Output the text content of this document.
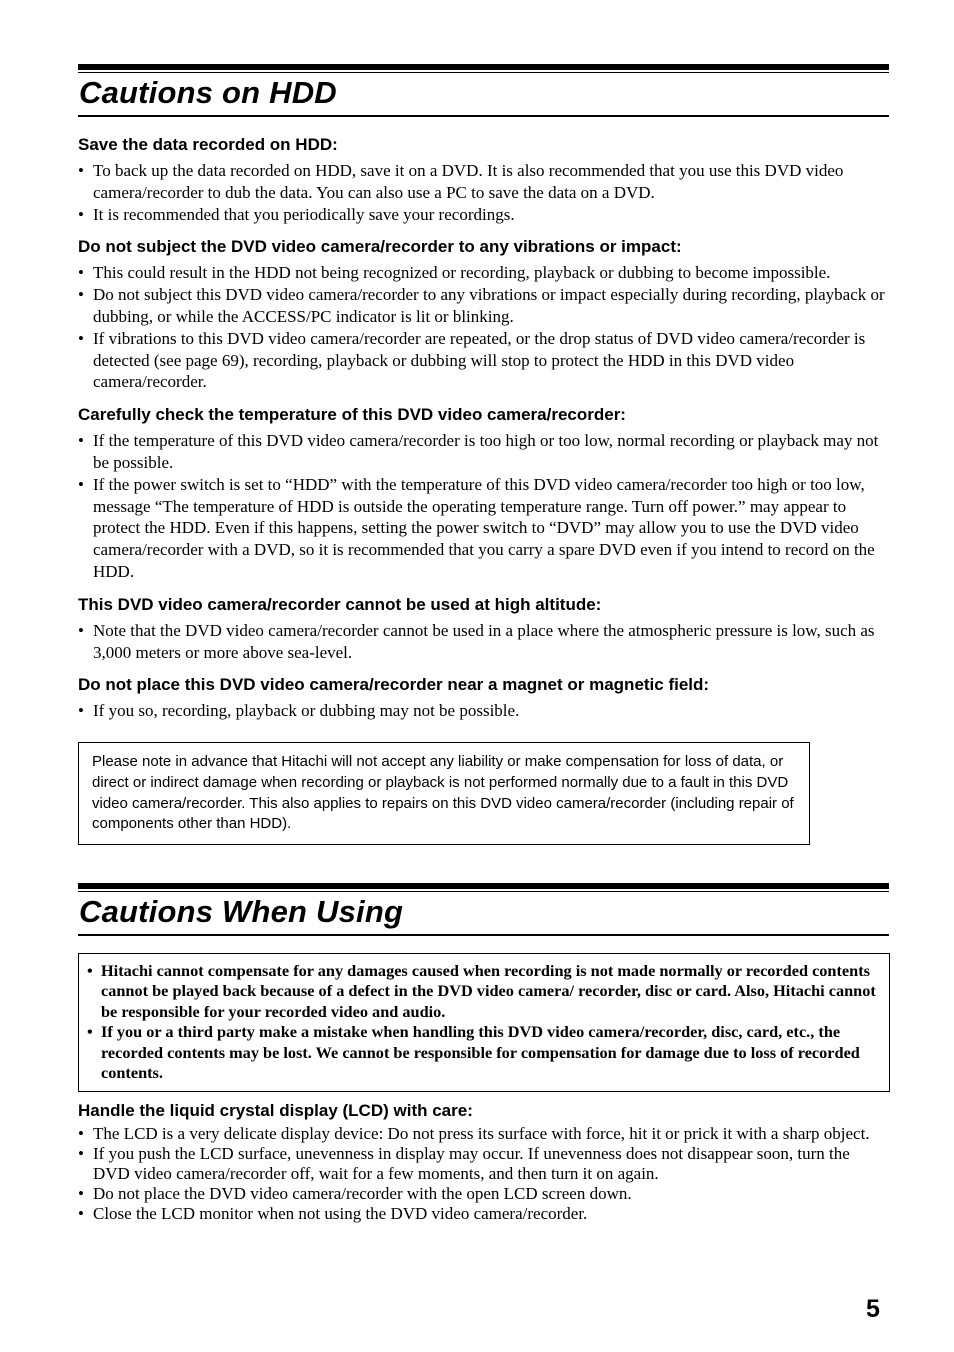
Cautions on HDD
Save the data recorded on HDD:
• To back up the data recorded on HDD, save it on a DVD. It is also recommended that you use this DVD video camera/recorder to dub the data. You can also use a PC to save the data on a DVD.
• It is recommended that you periodically save your recordings.
Do not subject the DVD video camera/recorder to any vibrations or impact:
• This could result in the HDD not being recognized or recording, playback or dubbing to become impossible.
• Do not subject this DVD video camera/recorder to any vibrations or impact especially during recording, playback or dubbing, or while the ACCESS/PC indicator is lit or blinking.
• If vibrations to this DVD video camera/recorder are repeated, or the drop status of DVD video camera/recorder is detected (see page 69), recording, playback or dubbing will stop to protect the HDD in this DVD video camera/recorder.
Carefully check the temperature of this DVD video camera/recorder:
• If the temperature of this DVD video camera/recorder is too high or too low, normal recording or playback may not be possible.
• If the power switch is set to “HDD” with the temperature of this DVD video camera/recorder too high or too low, message “The temperature of HDD is outside the operating temperature range. Turn off power.” may appear to protect the HDD. Even if this happens, setting the power switch to “DVD” may allow you to use the DVD video camera/recorder with a DVD, so it is recommended that you carry a spare DVD even if you intend to record on the HDD.
This DVD video camera/recorder cannot be used at high altitude:
• Note that the DVD video camera/recorder cannot be used in a place where the atmospheric pressure is low, such as 3,000 meters or more above sea-level.
Do not place this DVD video camera/recorder near a magnet or magnetic field:
• If you so, recording, playback or dubbing may not be possible.
Please note in advance that Hitachi will not accept any liability or make compensation for loss of data, or direct or indirect damage when recording or playback is not performed normally due to a fault in this DVD video camera/recorder. This also applies to repairs on this DVD video camera/recorder (including repair of components other than HDD).
Cautions When Using
• Hitachi cannot compensate for any damages caused when recording is not made normally or recorded contents cannot be played back because of a defect in the DVD video camera/ recorder, disc or card. Also, Hitachi cannot be responsible for your recorded video and audio.
• If you or a third party make a mistake when handling this DVD video camera/recorder, disc, card, etc., the recorded contents may be lost. We cannot be responsible for compensation for damage due to loss of recorded contents.
Handle the liquid crystal display (LCD) with care:
• The LCD is a very delicate display device: Do not press its surface with force, hit it or prick it with a sharp object.
• If you push the LCD surface, unevenness in display may occur. If unevenness does not disappear soon, turn the DVD video camera/recorder off, wait for a few moments, and then turn it on again.
• Do not place the DVD video camera/recorder with the open LCD screen down.
• Close the LCD monitor when not using the DVD video camera/recorder.
5
